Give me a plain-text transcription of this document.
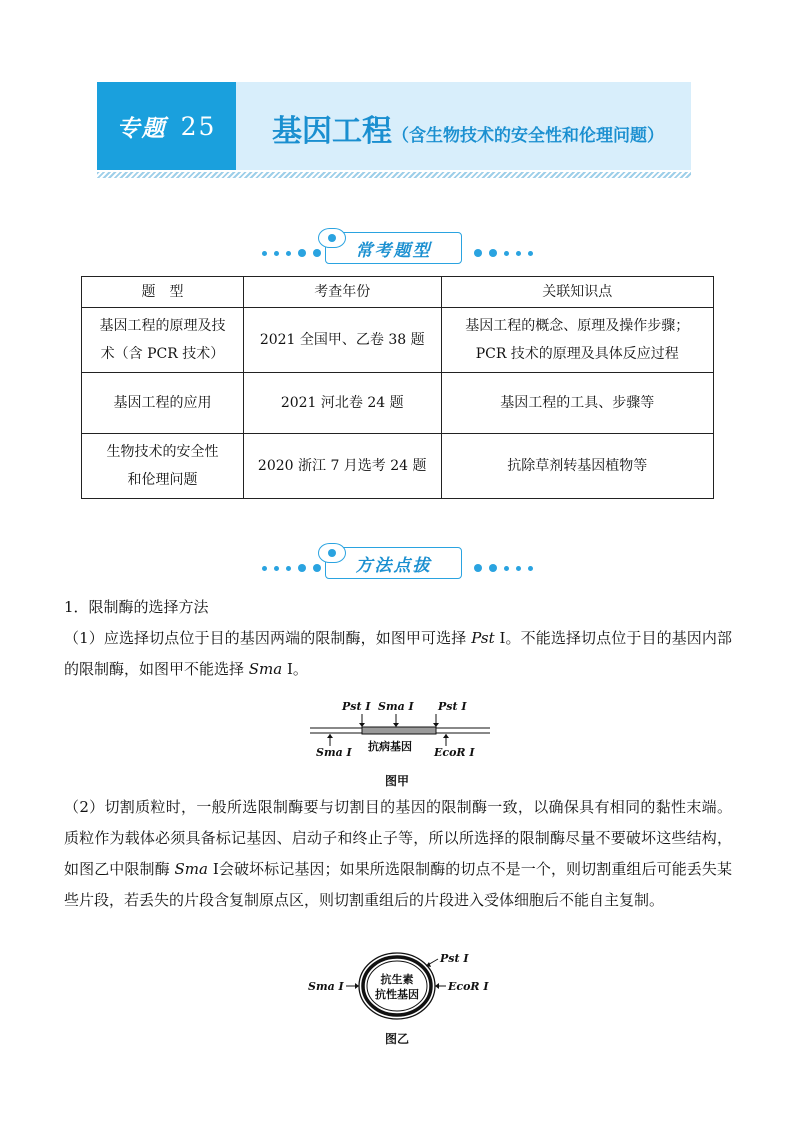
专题 25 基因工程（含生物技术的安全性和伦理问题）
常考题型
题　型	考查年份	关联知识点
基因工程的原理及技
术（含 PCR 技术）	2021 全国甲、乙卷 38 题	基因工程的概念、原理及操作步骤；
PCR 技术的原理及具体反应过程
基因工程的应用	2021 河北卷 24 题	基因工程的工具、步骤等
生物技术的安全性
和伦理问题	2020 浙江 7 月选考 24 题	抗除草剂转基因植物等
方法点拔
1．限制酶的选择方法
（1）应选择切点位于目的基因两端的限制酶，如图甲可选择 Pst Ⅰ。不能选择切点位于目的基因内部的限制酶，如图甲不能选择 Sma Ⅰ。
Pst Ⅰ Sma Ⅰ Pst Ⅰ
Sma Ⅰ	EcoR Ⅰ
抗病基因
图甲
（2）切割质粒时，一般所选限制酶要与切割目的基因的限制酶一致，以确保具有相同的黏性末端。质粒作为载体必须具备标记基因、启动子和终止子等，所以所选择的限制酶尽量不要破坏这些结构，如图乙中限制酶 Sma Ⅰ会破坏标记基因；如果所选限制酶的切点不是一个，则切割重组后可能丢失某些片段，若丢失的片段含复制原点区，则切割重组后的片段进入受体细胞后不能自主复制。
抗生素
抗性基因
Sma Ⅰ
Pst Ⅰ
EcoR Ⅰ
图乙
